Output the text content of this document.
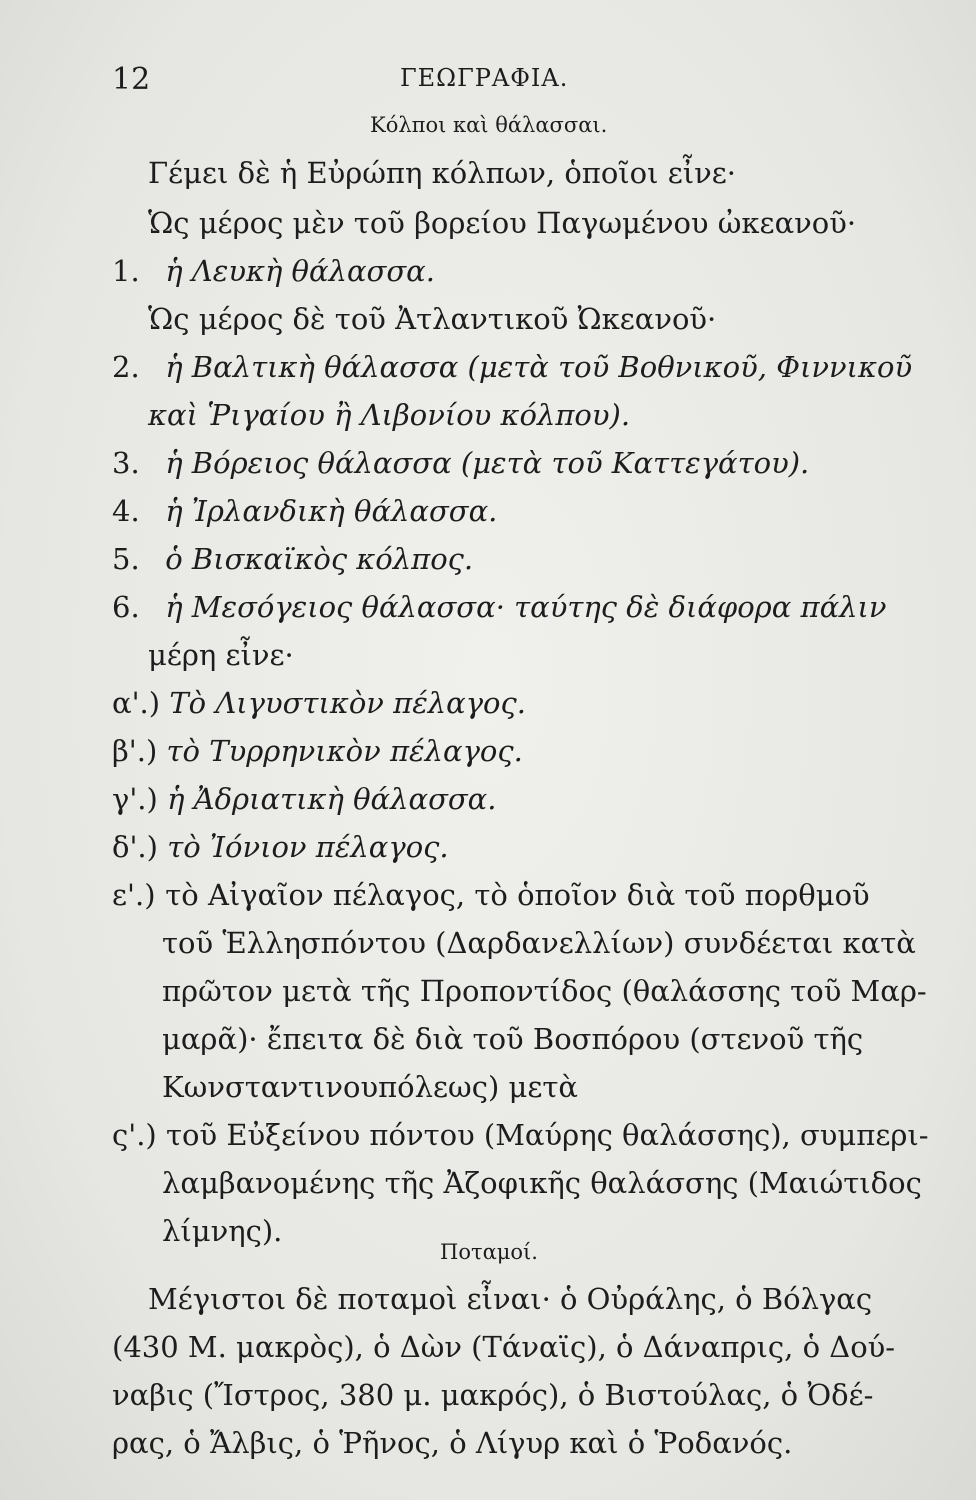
12	ΓΕΩΓΡΑΦΙΑ.
Κόλποι καὶ θάλασσαι.
Γέμει δὲ ἡ Εὐρώπη κόλπων, ὁποῖοι εἶνε·
Ὡς μέρος μὲν τοῦ βορείου Παγωμένου ὠκεανοῦ·
1. ἡ Λευκὴ θάλασσα.
Ὡς μέρος δὲ τοῦ Ἀτλαντικοῦ Ὠκεανοῦ·
2. ἡ Βαλτικὴ θάλασσα (μετὰ τοῦ Βοθνικοῦ, Φιννικοῦ
καὶ Ῥιγαίου ἢ Λιβονίου κόλπου).
3. ἡ Βόρειος θάλασσα (μετὰ τοῦ Καττεγάτου).
4. ἡ Ἰρλανδικὴ θάλασσα.
5. ὁ Βισκαϊκὸς κόλπος.
6. ἡ Μεσόγειος θάλασσα· ταύτης δὲ διάφορα πάλιν
μέρη εἶνε·
α'.) Τὸ Λιγυστικὸν πέλαγος.
β'.) τὸ Τυρρηνικὸν πέλαγος.
γ'.) ἡ Ἀδριατικὴ θάλασσα.
δ'.) τὸ Ἰόνιον πέλαγος.
ε'.) τὸ Αἰγαῖον πέλαγος, τὸ ὁποῖον διὰ τοῦ πορθμοῦ
τοῦ Ἑλλησπόντου (Δαρδανελλίων) συνδέεται κατὰ
πρῶτον μετὰ τῆς Προποντίδος (θαλάσσης τοῦ Μαρ-
μαρᾶ)· ἔπειτα δὲ διὰ τοῦ Βοσπόρου (στενοῦ τῆς
Κωνσταντινουπόλεως) μετὰ
ς'.) τοῦ Εὐξείνου πόντου (Μαύρης θαλάσσης), συμπερι-
λαμβανομένης τῆς Ἀζοφικῆς θαλάσσης (Μαιώτιδος
λίμνης).
Ποταμοί.
Μέγιστοι δὲ ποταμοὶ εἶναι· ὁ Οὐράλης, ὁ Βόλγας
(430 Μ. μακρὸς), ὁ Δὼν (Τάναϊς), ὁ Δάναπρις, ὁ Δού-
ναβις (Ἴστρος, 380 μ. μακρός), ὁ Βιστούλας, ὁ Ὀδέ-
ρας, ὁ Ἄλβις, ὁ Ῥῆνος, ὁ Λίγυρ καὶ ὁ Ῥοδανός.
